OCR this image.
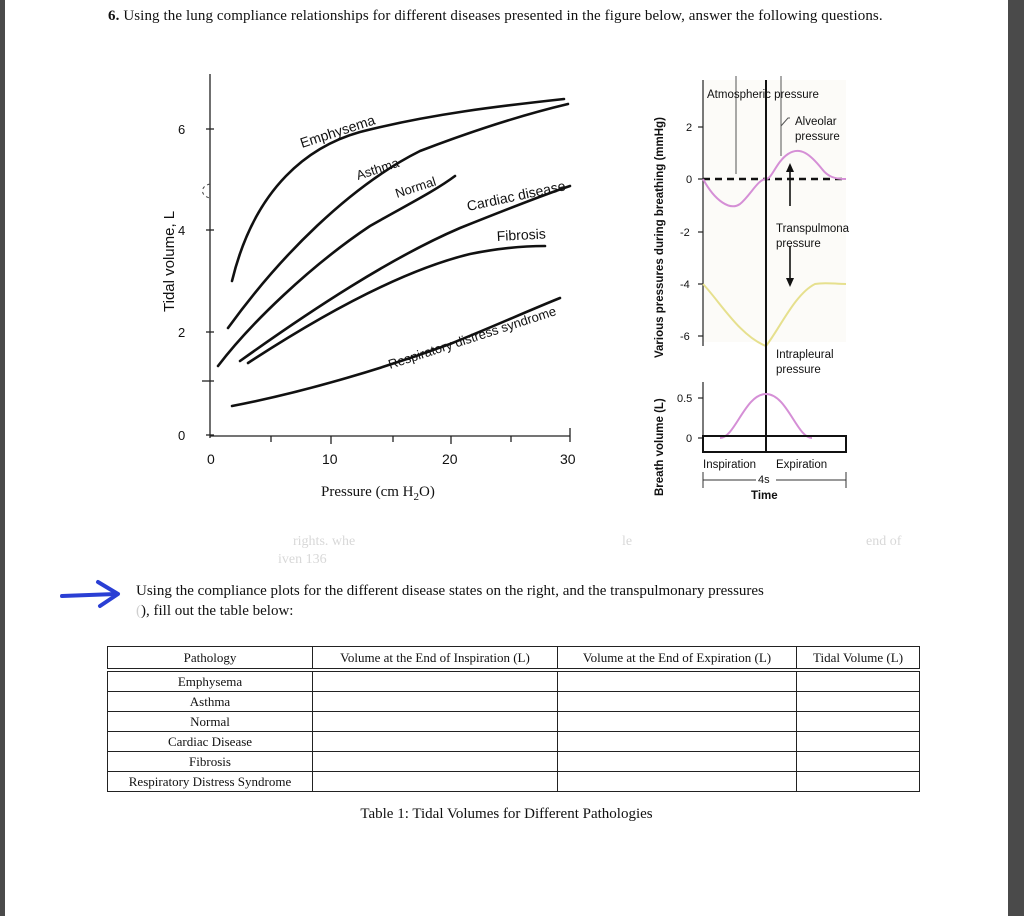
6. Using the lung compliance relationships for different diseases presented in the figure below, answer the following questions.
6
4
2
0
0	10	20	30
Tidal volume, L
Pressure (cm $H_2O$)
Emphysema
Asthma
Normal Cardiac disease
Fibrosis
Respiratory distress syndrome
2
0
-2
-4
-6
0.5
0
Various pressures during breathing (mmHg)
Breath volume (L)
Atmospheric pressure
Alveolar
pressure
Intrapleural
pressure
Transpulmona
pressure
Inspiration Expiration
4s
Time
rights. whe
iven 136
le	end of
Using the compliance plots for the different disease states on the right, and the transpulmonary pressures
(), fill out the table below:
Pathology	Volume at the End of Inspiration (L)	Volume at the End of Expiration (L)	Tidal Volume (L)

Emphysema			
Asthma			
Normal			
Cardiac Disease			
Fibrosis			
Respiratory Distress Syndrome			
Table 1: Tidal Volumes for Different Pathologies
